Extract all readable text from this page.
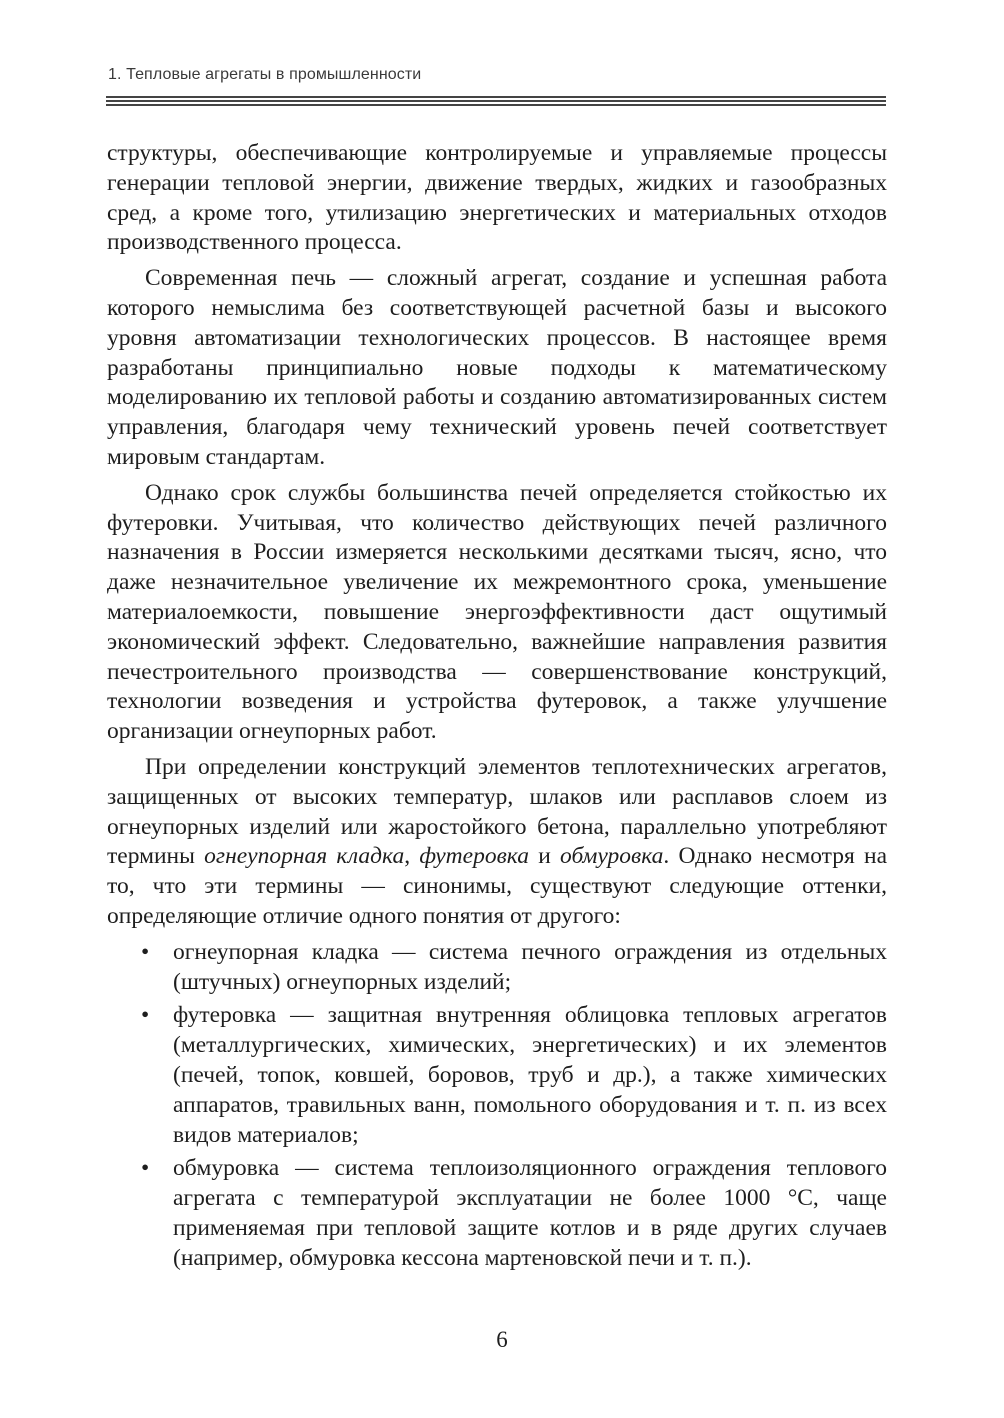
1. Тепловые агрегаты в промышленности

структуры, обеспечивающие контролируемые и управляемые процессы генерации тепловой энергии, движение твердых, жидких и газообразных сред, а кроме того, утилизацию энергетических и материальных отходов производственного процесса.

Современная печь — сложный агрегат, создание и успешная работа которого немыслима без соответствующей расчетной базы и высокого уровня автоматизации технологических процессов. В настоящее время разработаны принципиально новые подходы к математическому моделированию их тепловой работы и созданию автоматизированных систем управления, благодаря чему технический уровень печей соответствует мировым стандартам.

Однако срок службы большинства печей определяется стойкостью их футеровки. Учитывая, что количество действующих печей различного назначения в России измеряется несколькими десятками тысяч, ясно, что даже незначительное увеличение их межремонтного срока, уменьшение материалоемкости, повышение энергоэффективности даст ощутимый экономический эффект. Следовательно, важнейшие направления развития печестроительного производства — совершенствование конструкций, технологии возведения и устройства футеровок, а также улучшение организации огнеупорных работ.

При определении конструкций элементов теплотехнических агрегатов, защищенных от высоких температур, шлаков или расплавов слоем из огнеупорных изделий или жаростойкого бетона, параллельно употребляют термины огнеупорная кладка, футеровка и обмуровка. Однако несмотря на то, что эти термины — синонимы, существуют следующие оттенки, определяющие отличие одного понятия от другого:

• огнеупорная кладка — система печного ограждения из отдельных (штучных) огнеупорных изделий;
• футеровка — защитная внутренняя облицовка тепловых агрегатов (металлургических, химических, энергетических) и их элементов (печей, топок, ковшей, боровов, труб и др.), а также химических аппаратов, травильных ванн, помольного оборудования и т. п. из всех видов материалов;
• обмуровка — система теплоизоляционного ограждения теплового агрегата с температурой эксплуатации не более 1000 °C, чаще применяемая при тепловой защите котлов и в ряде других случаев (например, обмуровка кессона мартеновской печи и т. п.).
6
